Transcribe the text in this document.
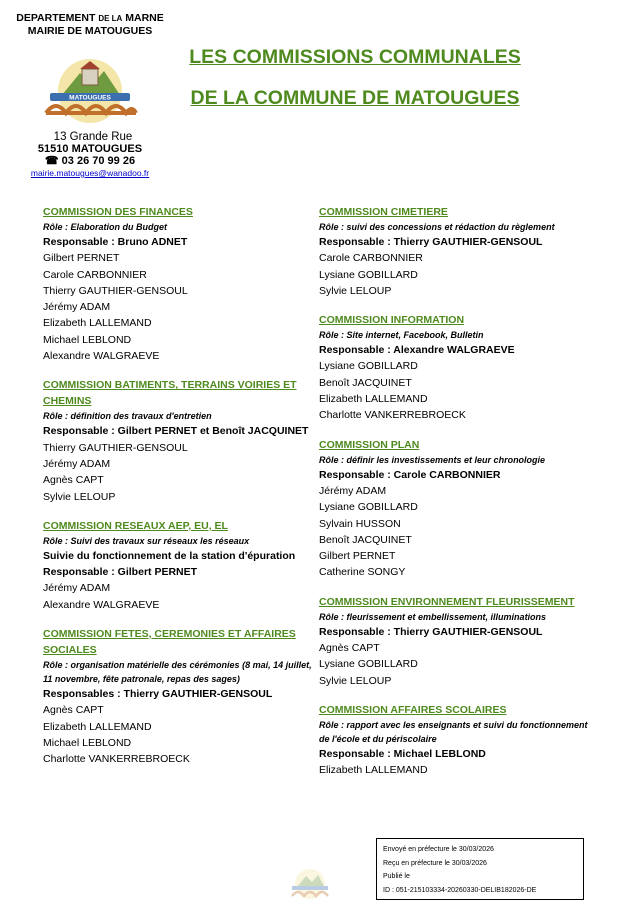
DEPARTEMENT DE LA MARNE
MAIRIE DE MATOUGUES
MATOUGUES
13 Grande Rue
51510 MATOUGUES
☎ 03 26 70 99 26
mairie.matougues@wanadoo.fr
LES COMMISSIONS COMMUNALES
DE LA COMMUNE DE MATOUGUES
COMMISSION DES FINANCES
Rôle : Elaboration du Budget
Responsable : Bruno ADNET
Gilbert PERNET
Carole CARBONNIER
Thierry GAUTHIER-GENSOUL
Jérémy ADAM
Elizabeth LALLEMAND
Michael LEBLOND
Alexandre WALGRAEVE
COMMISSION BATIMENTS, TERRAINS VOIRIES ET CHEMINS
Rôle : définition des travaux d'entretien
Responsable : Gilbert PERNET et Benoît JACQUINET
Thierry GAUTHIER-GENSOUL
Jérémy ADAM
Agnès CAPT
Sylvie LELOUP
COMMISSION RESEAUX AEP, EU, EL
Rôle : Suivi des travaux sur réseaux les réseaux
Suivie du fonctionnement de la station d'épuration
Responsable : Gilbert PERNET
Jérémy ADAM
Alexandre WALGRAEVE
COMMISSION FETES, CEREMONIES ET AFFAIRES SOCIALES
Rôle : organisation matérielle des cérémonies (8 mai, 14 juillet, 11 novembre, fête patronale, repas des sages)
Responsables : Thierry GAUTHIER-GENSOUL
Agnès CAPT
Elizabeth LALLEMAND
Michael LEBLOND
Charlotte VANKERREBROECK
COMMISSION CIMETIERE
Rôle : suivi des concessions et rédaction du règlement
Responsable : Thierry GAUTHIER-GENSOUL
Carole CARBONNIER
Lysiane GOBILLARD
Sylvie LELOUP
COMMISSION INFORMATION
Rôle : Site internet, Facebook, Bulletin
Responsable : Alexandre WALGRAEVE
Lysiane GOBILLARD
Benoît JACQUINET
Elizabeth LALLEMAND
Charlotte VANKERREBROECK
COMMISSION PLAN
Rôle : définir les investissements et leur chronologie
Responsable : Carole CARBONNIER
Jérémy ADAM
Lysiane GOBILLARD
Sylvain HUSSON
Benoît JACQUINET
Gilbert PERNET
Catherine SONGY
COMMISSION ENVIRONNEMENT FLEURISSEMENT
Rôle : fleurissement et embellissement, illuminations
Responsable : Thierry GAUTHIER-GENSOUL
Agnès CAPT
Lysiane GOBILLARD
Sylvie LELOUP
COMMISSION AFFAIRES SCOLAIRES
Rôle : rapport avec les enseignants et suivi du fonctionnement de l'école et du périscolaire
Responsable : Michael LEBLOND
Elizabeth LALLEMAND
Envoyé en préfecture le 30/03/2026
Reçu en préfecture le 30/03/2026
Publié le
ID : 051-215103334-20260330-DELIB182026-DE
